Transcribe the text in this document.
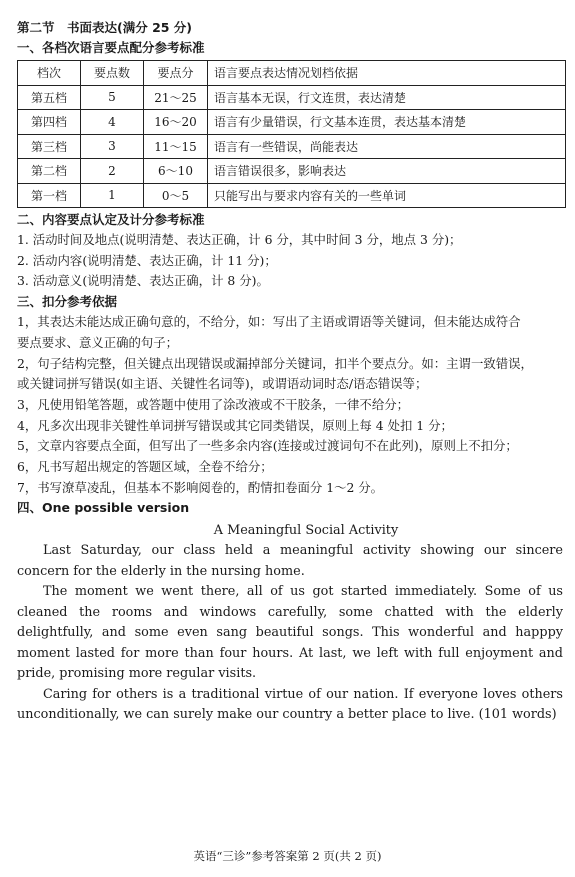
第二节　书面表达(满分 25 分)
一、各档次语言要点配分参考标准
档次	要点数	要点分	语言要点表达情况划档依据
第五档	5	21～25	语言基本无误，行文连贯，表达清楚
第四档	4	16～20	语言有少量错误，行文基本连贯，表达基本清楚
第三档	3	11～15	语言有一些错误，尚能表达
第二档	2	6～10	语言错误很多，影响表达
第一档	1	0～5	只能写出与要求内容有关的一些单词
二、内容要点认定及计分参考标准
1. 活动时间及地点(说明清楚、表达正确，计 6 分，其中时间 3 分，地点 3 分)；
2. 活动内容(说明清楚、表达正确，计 11 分)；
3. 活动意义(说明清楚、表达正确，计 8 分)。
三、扣分参考依据
1，其表达未能达成正确句意的，不给分，如：写出了主语或谓语等关键词，但未能达成符合
要点要求、意义正确的句子；
2，句子结构完整，但关键点出现错误或漏掉部分关键词，扣半个要点分。如：主谓一致错误，
或关键词拼写错误(如主语、关键性名词等)，或谓语动词时态/语态错误等；
3，凡使用铅笔答题，或答题中使用了涂改液或不干胶条，一律不给分；
4，凡多次出现非关键性单词拼写错误或其它同类错误，原则上每 4 处扣 1 分；
5，文章内容要点全面，但写出了一些多余内容(连接或过渡词句不在此列)，原则上不扣分；
6，凡书写超出规定的答题区域，全卷不给分；
7，书写潦草凌乱，但基本不影响阅卷的，酌情扣卷面分 1～2 分。
四、One possible version
A Meaningful Social Activity

Last Saturday, our class held a meaningful activity showing our sincere concern for the elderly in the nursing home.

The moment we went there, all of us got started immediately. Some of us cleaned the rooms and windows carefully, some chatted with the elderly delightfully, and some even sang beautiful songs. This wonderful and happpy moment lasted for more than four hours. At last, we left with full enjoyment and pride, promising more regular visits.

Caring for others is a traditional virtue of our nation. If everyone loves others unconditionally, we can surely make our country a better place to live. (101 words)

英语“三诊”参考答案第 2 页(共 2 页)
